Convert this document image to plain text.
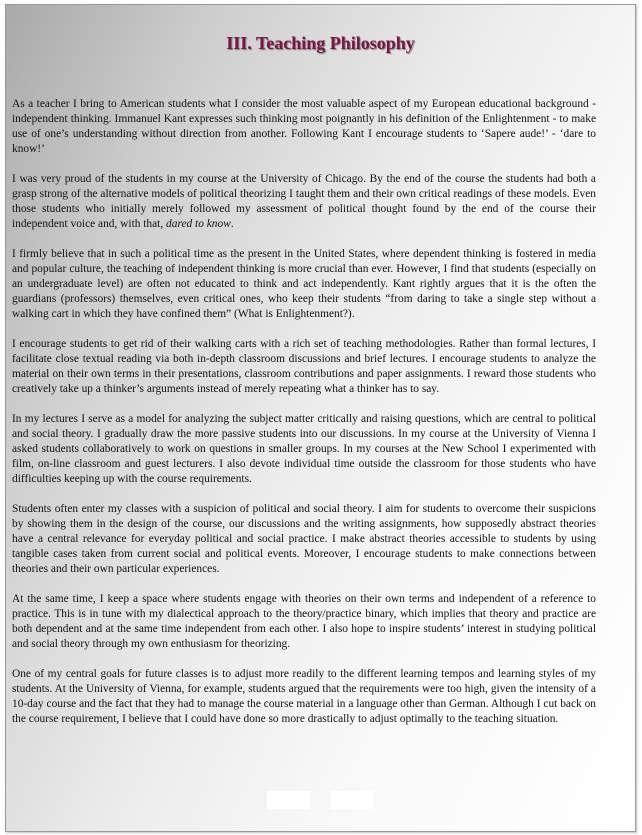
III. Teaching Philosophy

As a teacher I bring to American students what I consider the most valuable aspect of my European educational background - independent thinking. Immanuel Kant expresses such thinking most poignantly in his definition of the Enlightenment - to make use of one’s understanding without direction from another. Following Kant I encourage students to ‘Sapere aude!’ - ‘dare to know!’

I was very proud of the students in my course at the University of Chicago. By the end of the course the students had both a grasp strong of the alternative models of political theorizing I taught them and their own critical readings of these models. Even those students who initially merely followed my assessment of political thought found by the end of the course their independent voice and, with that, dared to know.

I firmly believe that in such a political time as the present in the United States, where dependent thinking is fostered in media and popular culture, the teaching of independent thinking is more crucial than ever. However, I find that students (especially on an undergraduate level) are often not educated to think and act independently. Kant rightly argues that it is the often the guardians (professors) themselves, even critical ones, who keep their students “from daring to take a single step without a walking cart in which they have confined them” (What is Enlightenment?).

I encourage students to get rid of their walking carts with a rich set of teaching methodologies. Rather than formal lectures, I facilitate close textual reading via both in-depth classroom discussions and brief lectures. I encourage students to analyze the material on their own terms in their presentations, classroom contributions and paper assignments. I reward those students who creatively take up a thinker’s arguments instead of merely repeating what a thinker has to say.

In my lectures I serve as a model for analyzing the subject matter critically and raising questions, which are central to political and social theory. I gradually draw the more passive students into our discussions. In my course at the University of Vienna I asked students collaboratively to work on questions in smaller groups. In my courses at the New School I experimented with film, on-line classroom and guest lecturers. I also devote individual time outside the classroom for those students who have difficulties keeping up with the course requirements.

Students often enter my classes with a suspicion of political and social theory. I aim for students to overcome their suspicions by showing them in the design of the course, our discussions and the writing assignments, how supposedly abstract theories have a central relevance for everyday political and social practice. I make abstract theories accessible to students by using tangible cases taken from current social and political events. Moreover, I encourage students to make connections between theories and their own particular experiences.

At the same time, I keep a space where students engage with theories on their own terms and independent of a reference to practice. This is in tune with my dialectical approach to the theory/practice binary, which implies that theory and practice are both dependent and at the same time independent from each other. I also hope to inspire students’ interest in studying political and social theory through my own enthusiasm for theorizing.

One of my central goals for future classes is to adjust more readily to the different learning tempos and learning styles of my students. At the University of Vienna, for example, students argued that the requirements were too high, given the intensity of a 10-day course and the fact that they had to manage the course material in a language other than German. Although I cut back on the course requirement, I believe that I could have done so more drastically to adjust optimally to the teaching situation.
